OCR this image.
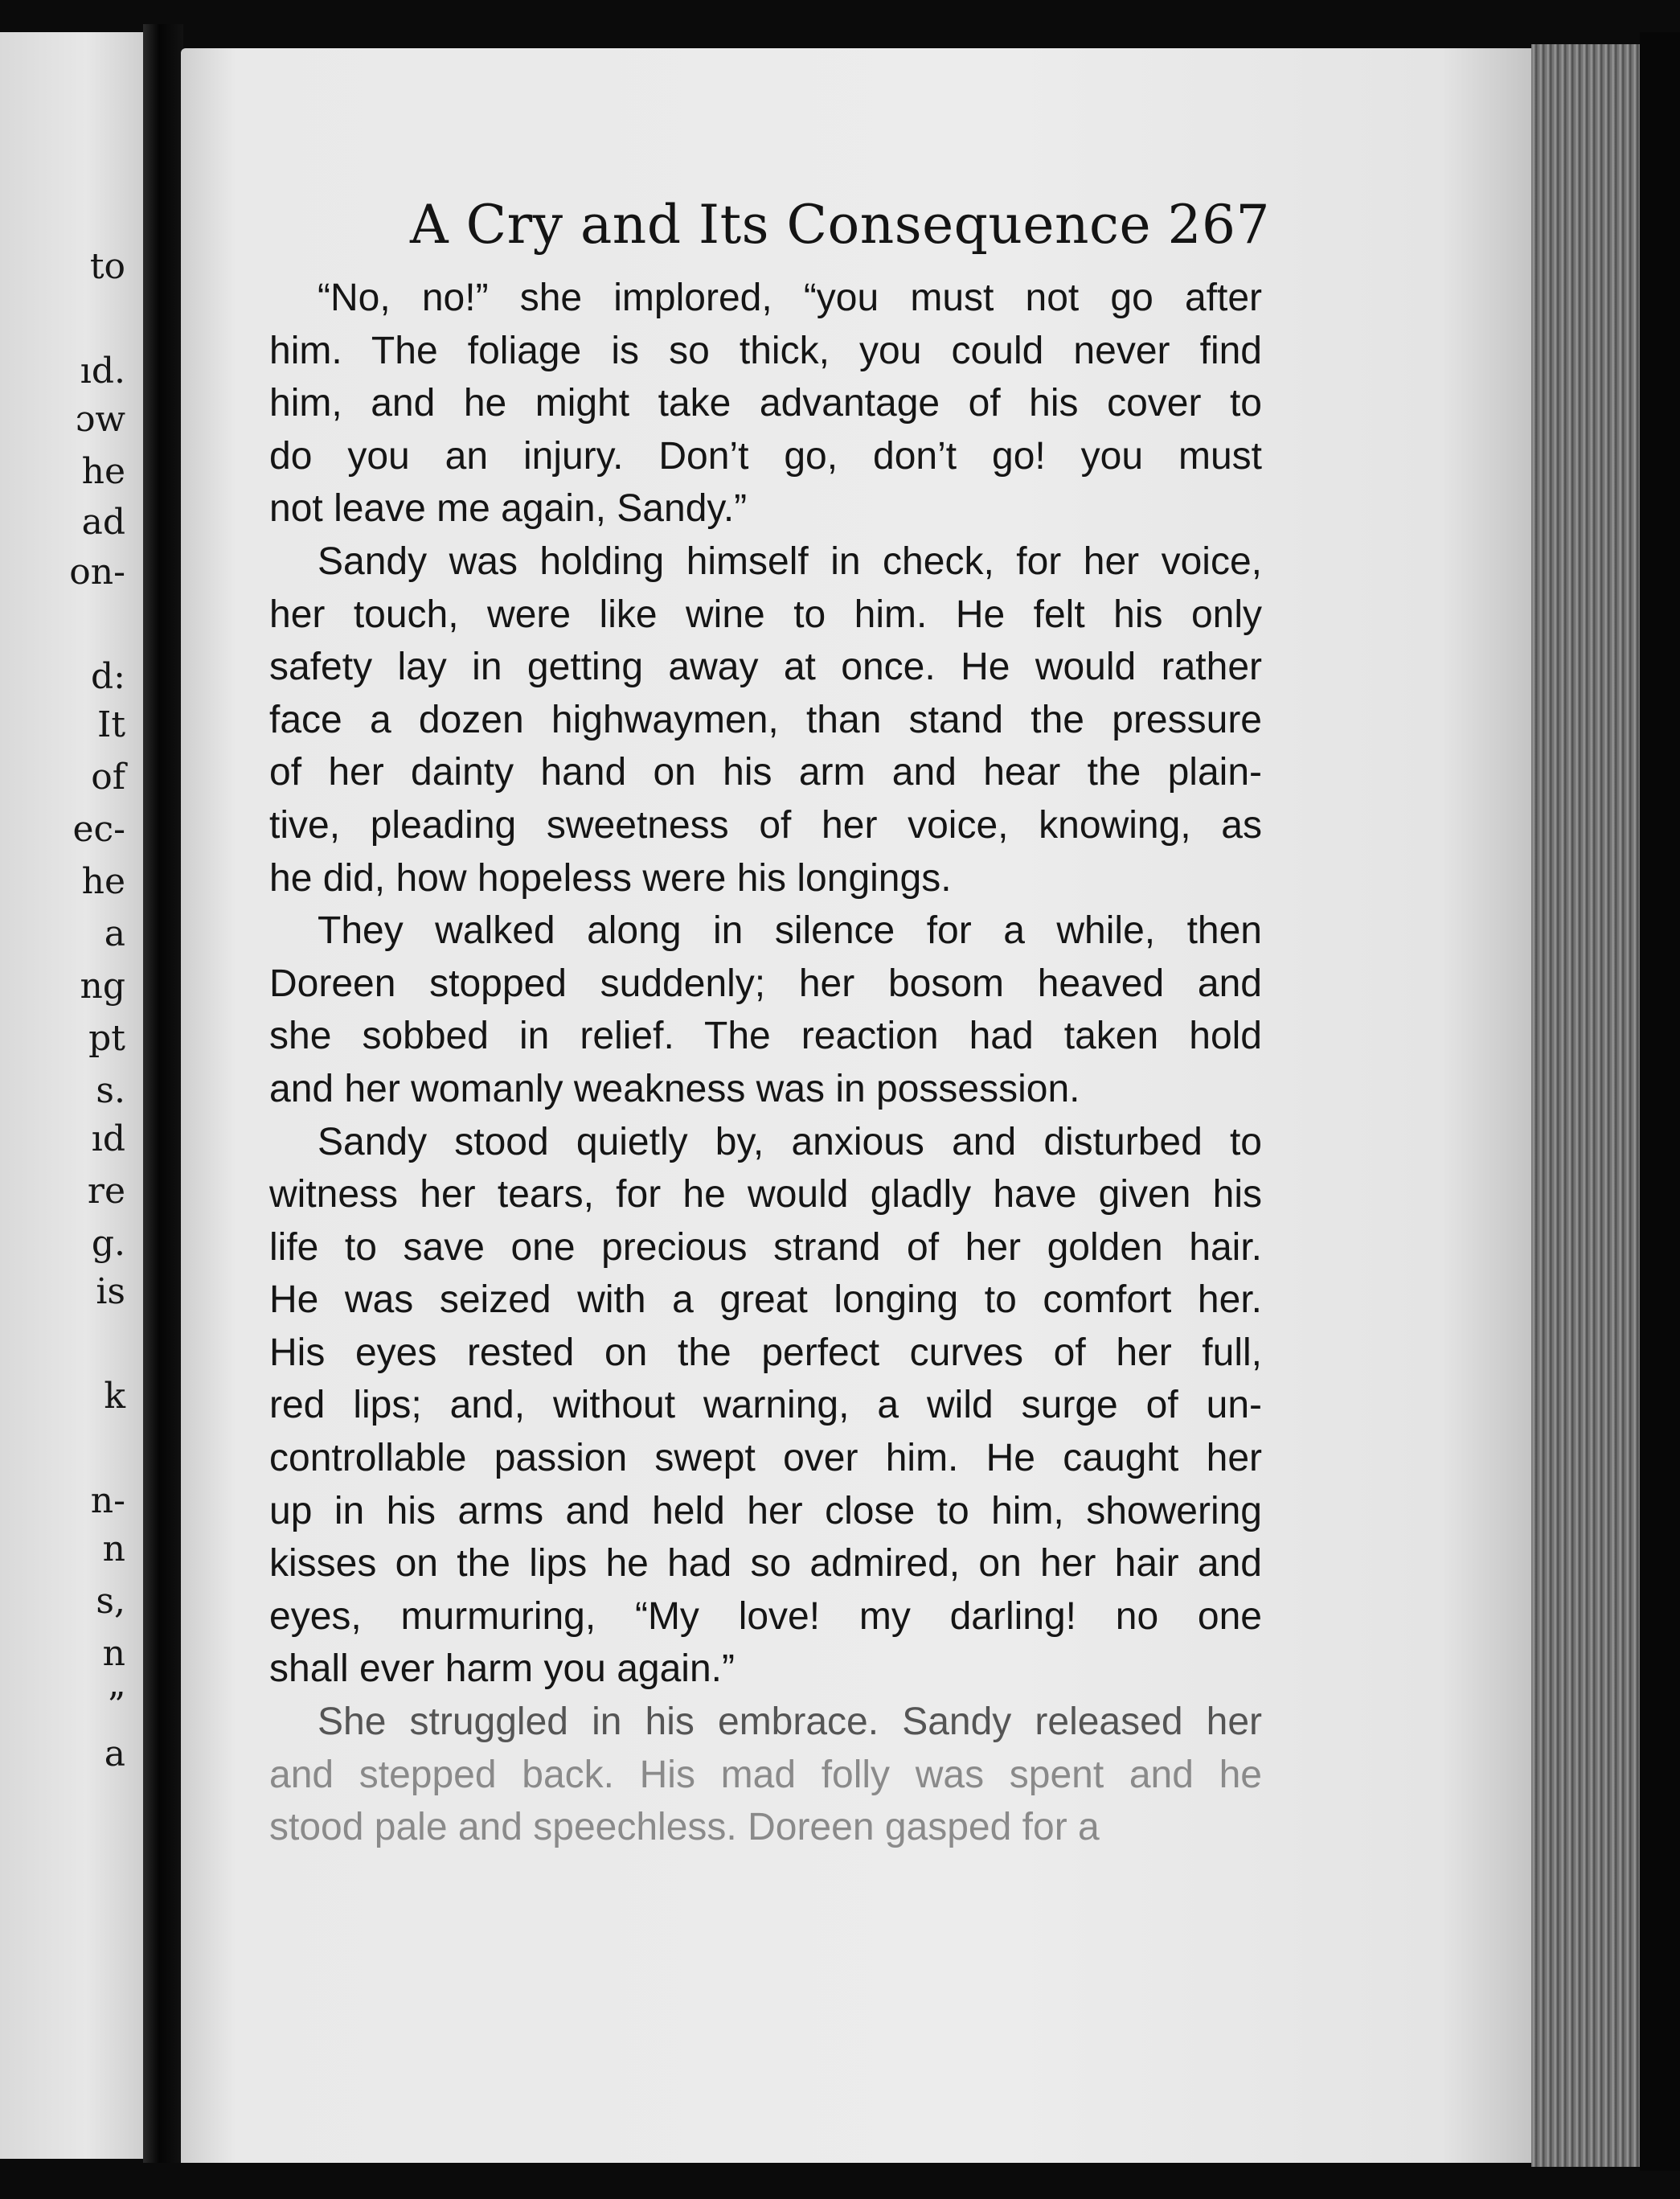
to
ıd.
ɔw
he
ad
on-
d:
It
of
ec-
he
a
ng
pt
s.
ıd
re
g.
is
k
n-
n
s,
n
”
a
A Cry and Its Consequence 267
“No, no!” she implored, “you must not go after
him. The foliage is so thick, you could never find
him, and he might take advantage of his cover to
do you an injury. Don’t go, don’t go! you must
not leave me again, Sandy.”
Sandy was holding himself in check, for her voice,
her touch, were like wine to him. He felt his only
safety lay in getting away at once. He would rather
face a dozen highwaymen, than stand the pressure
of her dainty hand on his arm and hear the plain-
tive, pleading sweetness of her voice, knowing, as
he did, how hopeless were his longings.
They walked along in silence for a while, then
Doreen stopped suddenly; her bosom heaved and
she sobbed in relief. The reaction had taken hold
and her womanly weakness was in possession.
Sandy stood quietly by, anxious and disturbed to
witness her tears, for he would gladly have given his
life to save one precious strand of her golden hair.
He was seized with a great longing to comfort her.
His eyes rested on the perfect curves of her full,
red lips; and, without warning, a wild surge of un-
controllable passion swept over him. He caught her
up in his arms and held her close to him, showering
kisses on the lips he had so admired, on her hair and
eyes, murmuring, “My love! my darling! no one
shall ever harm you again.”
She struggled in his embrace. Sandy released her
and stepped back. His mad folly was spent and he
stood pale and speechless. Doreen gasped for a
